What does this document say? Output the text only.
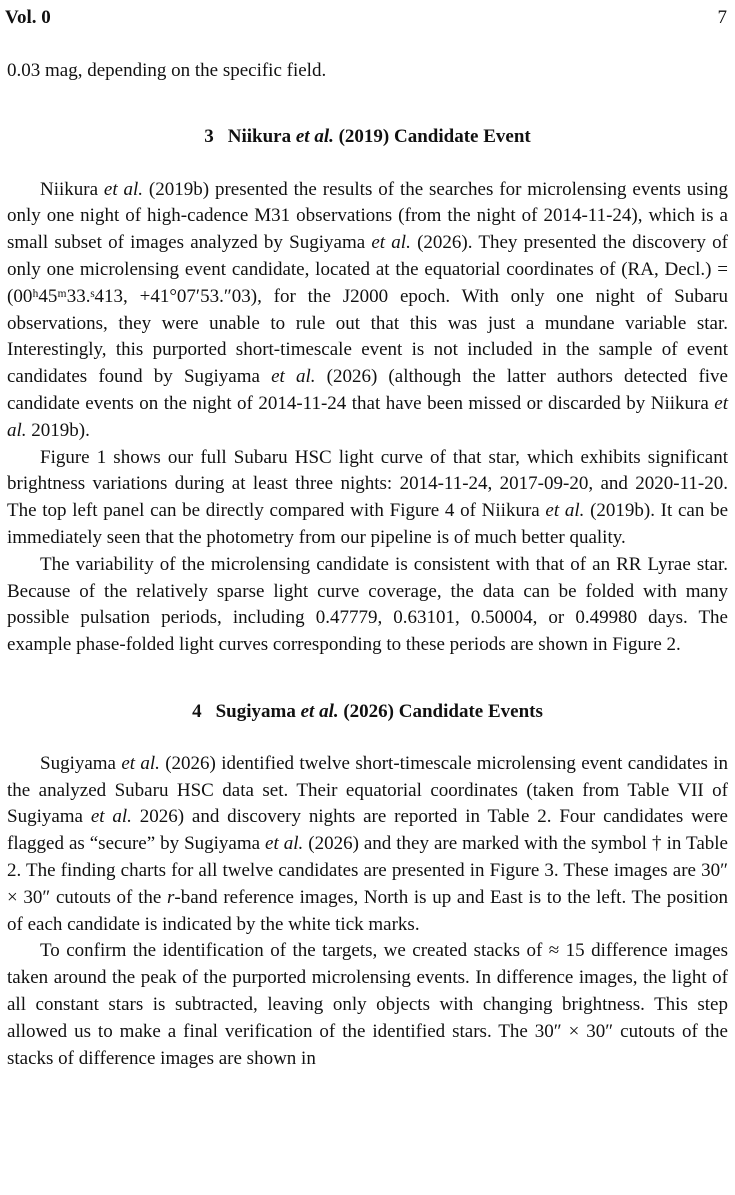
Vol. 0	7

0.03 mag, depending on the specific field.

3 Niikura et al. (2019) Candidate Event

Niikura et al. (2019b) presented the results of the searches for microlensing events using only one night of high-cadence M31 observations (from the night of 2014-11-24), which is a small subset of images analyzed by Sugiyama et al. (2026). They presented the discovery of only one microlensing event candidate, located at the equatorial coordinates of (RA, Decl.) = (00ʰ45ᵐ33.ˢ413, +41°07′53.″03), for the J2000 epoch. With only one night of Subaru observations, they were unable to rule out that this was just a mundane variable star. Interestingly, this purported short-timescale event is not included in the sample of event candidates found by Sugiyama et al. (2026) (although the latter authors detected five candidate events on the night of 2014-11-24 that have been missed or discarded by Niikura et al. 2019b).

Figure 1 shows our full Subaru HSC light curve of that star, which exhibits significant brightness variations during at least three nights: 2014-11-24, 2017-09-20, and 2020-11-20. The top left panel can be directly compared with Figure 4 of Niikura et al. (2019b). It can be immediately seen that the photometry from our pipeline is of much better quality.

The variability of the microlensing candidate is consistent with that of an RR Lyrae star. Because of the relatively sparse light curve coverage, the data can be folded with many possible pulsation periods, including 0.47779, 0.63101, 0.50004, or 0.49980 days. The example phase-folded light curves corresponding to these periods are shown in Figure 2.

4 Sugiyama et al. (2026) Candidate Events

Sugiyama et al. (2026) identified twelve short-timescale microlensing event candidates in the analyzed Subaru HSC data set. Their equatorial coordinates (taken from Table VII of Sugiyama et al. 2026) and discovery nights are reported in Table 2. Four candidates were flagged as “secure” by Sugiyama et al. (2026) and they are marked with the symbol † in Table 2. The finding charts for all twelve candidates are presented in Figure 3. These images are 30″ × 30″ cutouts of the r-band reference images, North is up and East is to the left. The position of each candidate is indicated by the white tick marks.

To confirm the identification of the targets, we created stacks of ≈ 15 difference images taken around the peak of the purported microlensing events. In difference images, the light of all constant stars is subtracted, leaving only objects with changing brightness. This step allowed us to make a final verification of the identified stars. The 30″ × 30″ cutouts of the stacks of difference images are shown in
